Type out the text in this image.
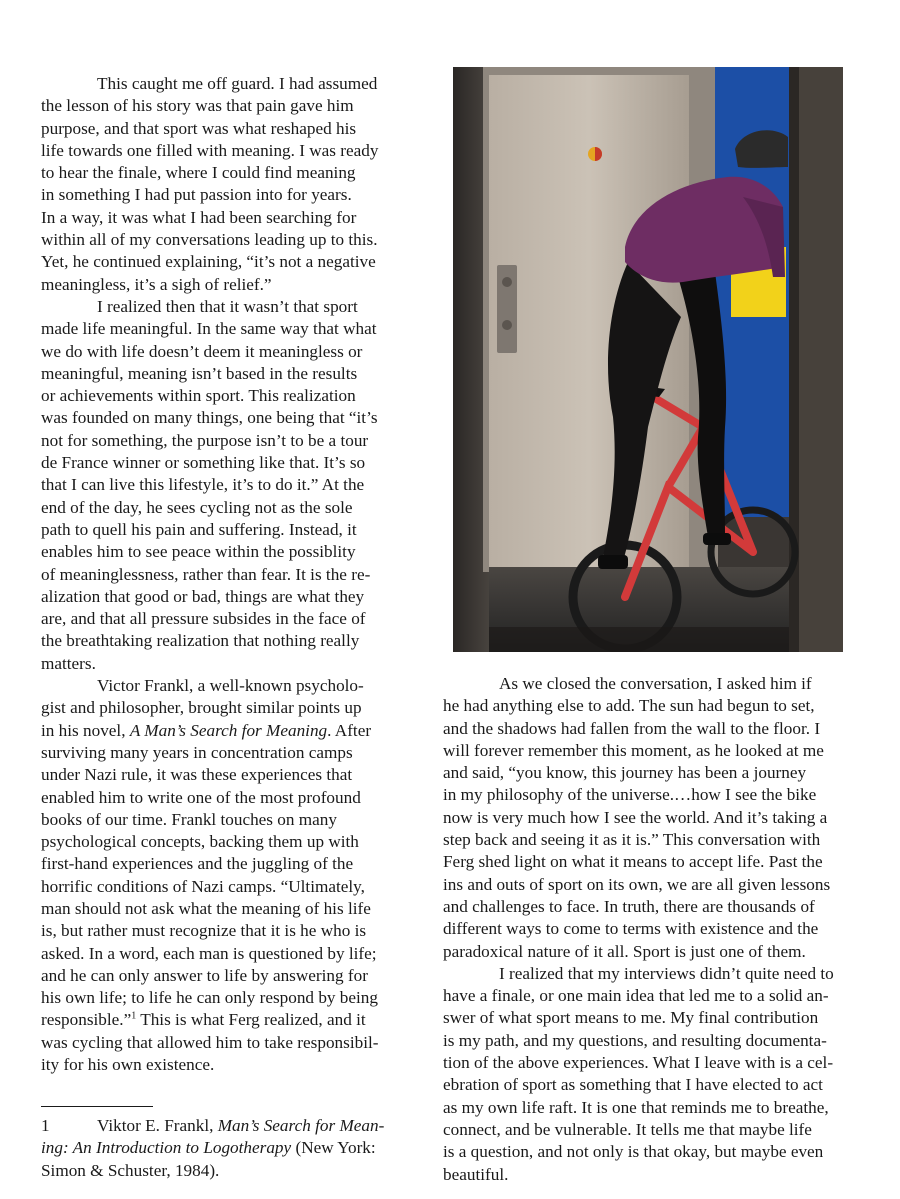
This caught me off guard. I had assumed
the lesson of his story was that pain gave him
purpose, and that sport was what reshaped his
life towards one filled with meaning. I was ready
to hear the finale, where I could find meaning
in something I had put passion into for years.
In a way, it was what I had been searching for
within all of my conversations leading up to this.
Yet, he continued explaining, “it’s not a negative
meaningless, it’s a sigh of relief.”

I realized then that it wasn’t that sport
made life meaningful. In the same way that what
we do with life doesn’t deem it meaningless or
meaningful, meaning isn’t based in the results
or achievements within sport. This realization
was founded on many things, one being that “it’s
not for something, the purpose isn’t to be a tour
de France winner or something like that. It’s so
that I can live this lifestyle, it’s to do it.” At the
end of the day, he sees cycling not as the sole
path to quell his pain and suffering. Instead, it
enables him to see peace within the possiblity
of meaninglessness, rather than fear. It is the re-
alization that good or bad, things are what they
are, and that all pressure subsides in the face of
the breathtaking realization that nothing really
matters.

Victor Frankl, a well-known psycholo-
gist and philosopher, brought similar points up
in his novel, A Man’s Search for Meaning. After
surviving many years in concentration camps
under Nazi rule, it was these experiences that
enabled him to write one of the most profound
books of our time. Frankl touches on many
psychological concepts, backing them up with
first-hand experiences and the juggling of the
horrific conditions of Nazi camps. “Ultimately,
man should not ask what the meaning of his life
is, but rather must recognize that it is he who is
asked. In a word, each man is questioned by life;
and he can only answer to life by answering for
his own life; to life he can only respond by being
responsible.”$^1$ This is what Ferg realized, and it
was cycling that allowed him to take responsibil-
ity for his own existence.

1	Viktor E. Frankl, Man’s Search for Mean-ing: An Introduction to Logotherapy (New York: Simon & Schuster, 1984).

As we closed the conversation, I asked him if
he had anything else to add. The sun had begun to set,
and the shadows had fallen from the wall to the floor. I
will forever remember this moment, as he looked at me
and said, “you know, this journey has been a journey
in my philosophy of the universe.…how I see the bike
now is very much how I see the world. And it’s taking a
step back and seeing it as it is.” This conversation with
Ferg shed light on what it means to accept life. Past the
ins and outs of sport on its own, we are all given lessons
and challenges to face. In truth, there are thousands of
different ways to come to terms with existence and the
paradoxical nature of it all. Sport is just one of them.

I realized that my interviews didn’t quite need to
have a finale, or one main idea that led me to a solid an-
swer of what sport means to me. My final contribution
is my path, and my questions, and resulting documenta-
tion of the above experiences. What I leave with is a cel-
ebration of sport as something that I have elected to act
as my own life raft. It is one that reminds me to breathe,
connect, and be vulnerable. It tells me that maybe life
is a question, and not only is that okay, but maybe even
beautiful.
